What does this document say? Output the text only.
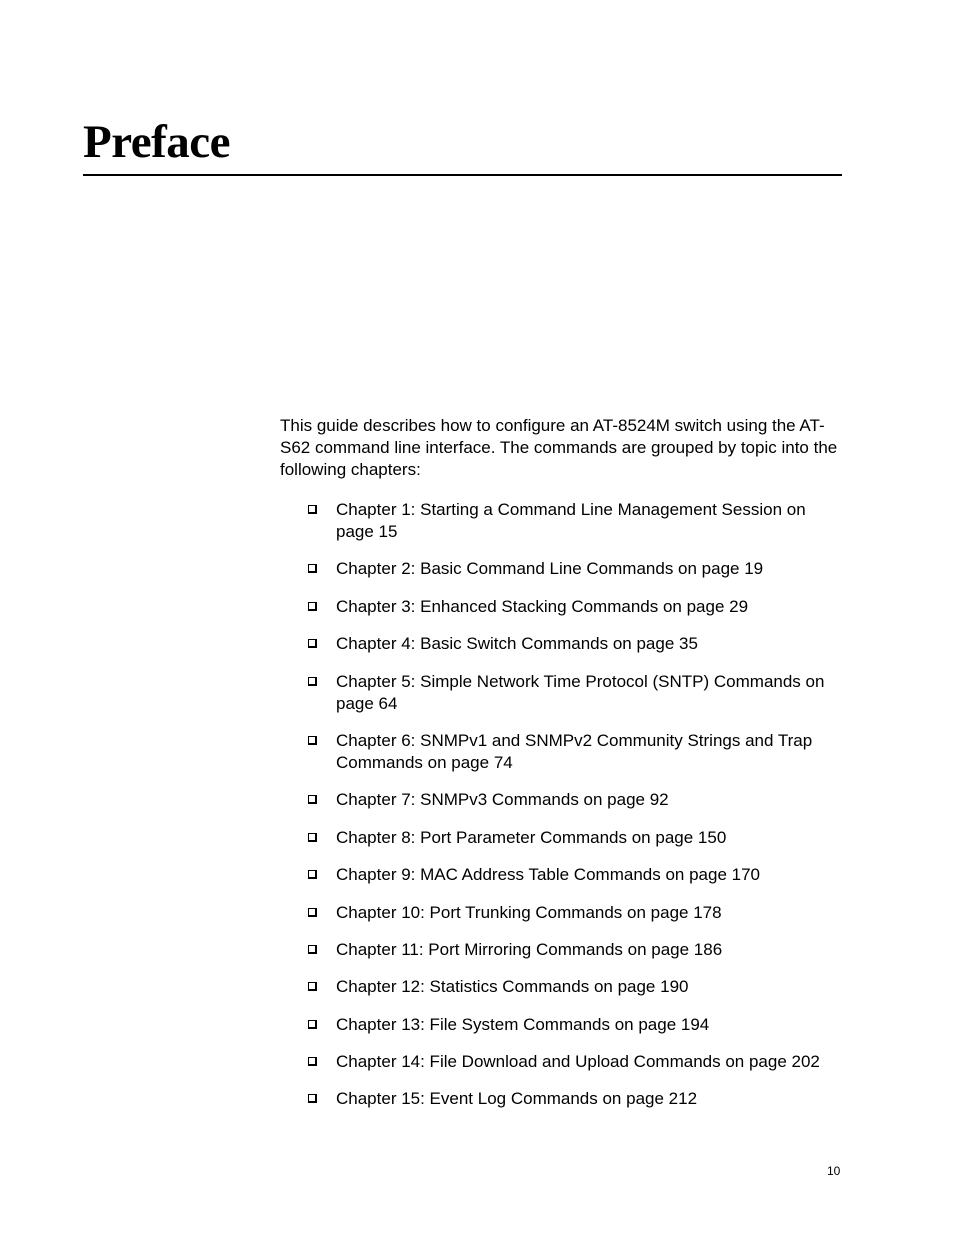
Preface

This guide describes how to configure an AT-8524M switch using the AT-S62 command line interface. The commands are grouped by topic into the following chapters:

Chapter 1: Starting a Command Line Management Session on page 15
Chapter 2: Basic Command Line Commands on page 19
Chapter 3: Enhanced Stacking Commands on page 29
Chapter 4: Basic Switch Commands on page 35
Chapter 5: Simple Network Time Protocol (SNTP) Commands on page 64
Chapter 6: SNMPv1 and SNMPv2 Community Strings and Trap Commands on page 74
Chapter 7: SNMPv3 Commands on page 92
Chapter 8: Port Parameter Commands on page 150
Chapter 9: MAC Address Table Commands on page 170
Chapter 10: Port Trunking Commands on page 178
Chapter 11: Port Mirroring Commands on page 186
Chapter 12: Statistics Commands on page 190
Chapter 13: File System Commands on page 194
Chapter 14: File Download and Upload Commands on page 202
Chapter 15: Event Log Commands on page 212
10
